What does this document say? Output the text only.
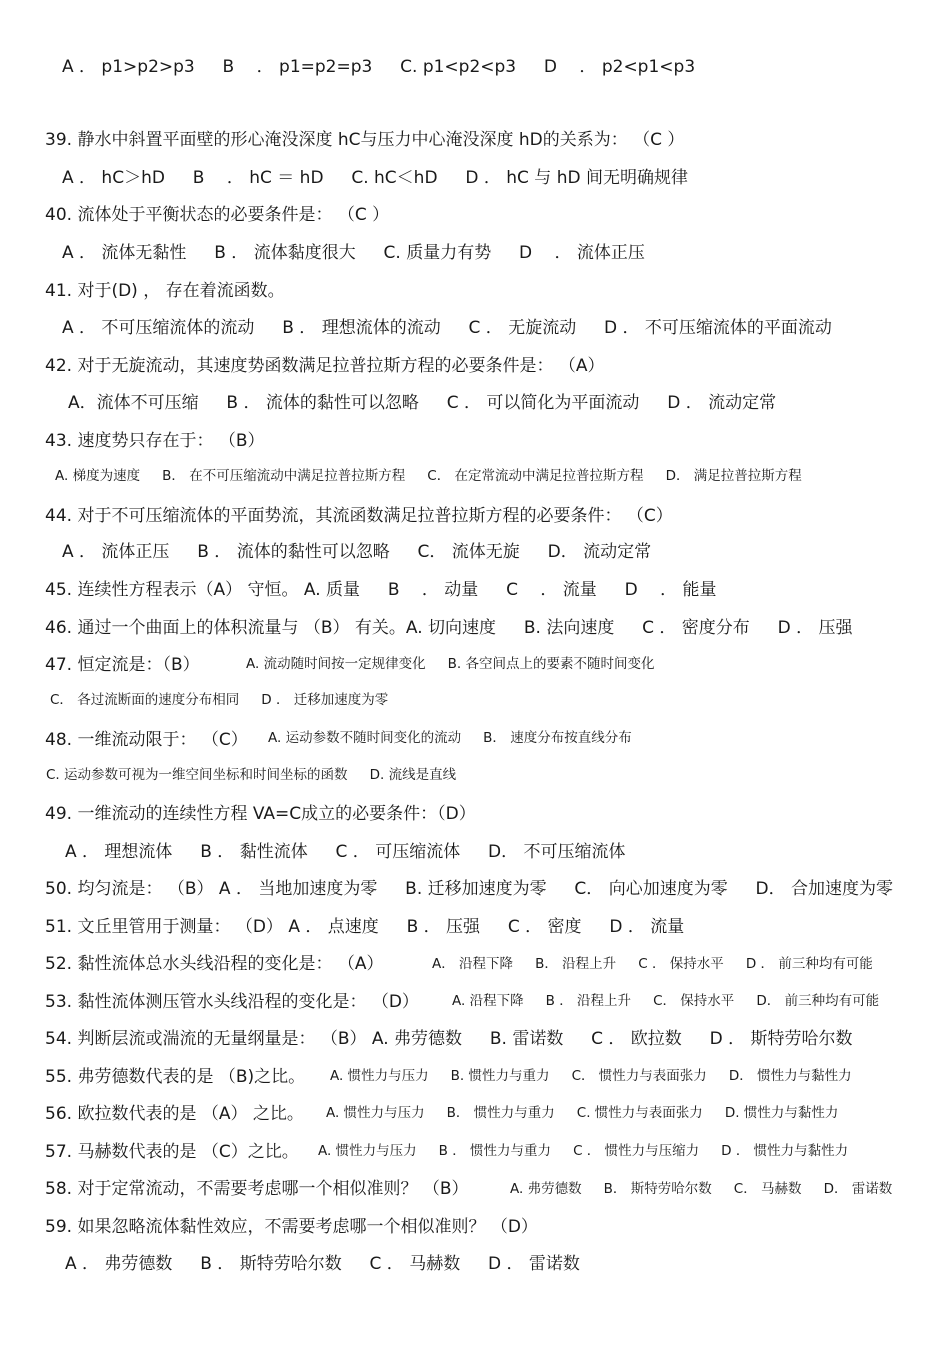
A ． p1>p2>p3 　 B 　． p1=p2=p3 　 C. p1<p2<p3 　 D 　． p2<p1<p3
39. 静水中斜置平面壁的形心淹没深度 hC与压力中心淹没深度 hD的关系为： （C ）
A ． hC＞hD 　 B 　． hC ＝ hD 　 C. hC＜hD 　 D ． hC 与 hD 间无明确规律
40. 流体处于平衡状态的必要条件是： （C ）
A ． 流体无黏性 　 B ． 流体黏度很大 　 C. 质量力有势 　 D 　． 流体正压
41. 对于(D) ， 存在着流函数。
A ． 不可压缩流体的流动 　 B ． 理想流体的流动 　 C ． 无旋流动 　 D ． 不可压缩流体的平面流动
42. 对于无旋流动，其速度势函数满足拉普拉斯方程的必要条件是： （A）
A．流体不可压缩 　 B ． 流体的黏性可以忽略 　 C ． 可以简化为平面流动 　 D ． 流动定常
43. 速度势只存在于： （B）
A. 梯度为速度 　 B． 在不可压缩流动中满足拉普拉斯方程 　 C． 在定常流动中满足拉普拉斯方程 　 D． 满足拉普拉斯方程
44. 对于不可压缩流体的平面势流，其流函数满足拉普拉斯方程的必要条件： （C）
A ． 流体正压 　 B ． 流体的黏性可以忽略 　 C． 流体无旋 　 D． 流动定常
45. 连续性方程表示（A） 守恒。 A. 质量 　 B 　． 动量 　 C 　． 流量 　 D 　． 能量
46. 通过一个曲面上的体积流量与 （B） 有关。A. 切向速度 　 B. 法向速度 　 C ． 密度分布 　 D ． 压强
47. 恒定流是：（B）	A. 流动随时间按一定规律变化 　 B. 各空间点上的要素不随时间变化
C． 各过流断面的速度分布相同 　 D ． 迁移加速度为零
48. 一维流动限于： （C） A. 运动参数不随时间变化的流动 　 B． 速度分布按直线分布
C. 运动参数可视为一维空间坐标和时间坐标的函数 　 D. 流线是直线
49. 一维流动的连续性方程 VA=C成立的必要条件：（D）
A ． 理想流体 　 B ． 黏性流体 　 C ． 可压缩流体 　 D． 不可压缩流体
50. 均匀流是： （B） A ． 当地加速度为零 　 B. 迁移加速度为零 　 C． 向心加速度为零 　 D． 合加速度为零
51. 文丘里管用于测量： （D） A ． 点速度 　 B ． 压强 　 C ． 密度 　 D ． 流量
52. 黏性流体总水头线沿程的变化是： （A）	A． 沿程下降 　 B． 沿程上升 　 C ． 保持水平 　 D ． 前三种均有可能
53. 黏性流体测压管水头线沿程的变化是： （D） A. 沿程下降 　 B ． 沿程上升 　 C． 保持水平 　 D． 前三种均有可能
54. 判断层流或湍流的无量纲量是： （B） A. 弗劳德数 　 B. 雷诺数 　 C ． 欧拉数 　 D ． 斯特劳哈尔数
55. 弗劳德数代表的是 （B)之比。 A. 惯性力与压力 　 B. 惯性力与重力 　 C． 惯性力与表面张力 　 D． 惯性力与黏性力
56. 欧拉数代表的是 （A） 之比。 A. 惯性力与压力 　 B． 惯性力与重力 　 C. 惯性力与表面张力 　 D. 惯性力与黏性力
57. 马赫数代表的是 （C）之比。 A. 惯性力与压力 　 B ． 惯性力与重力 　 C ． 惯性力与压缩力 　 D ． 惯性力与黏性力
58. 对于定常流动，不需要考虑哪一个相似准则？ （B）	A. 弗劳德数 　 B． 斯特劳哈尔数 　 C． 马赫数 　 D． 雷诺数
59. 如果忽略流体黏性效应，不需要考虑哪一个相似准则？ （D）
A ． 弗劳德数 　 B ． 斯特劳哈尔数 　 C ． 马赫数 　 D ． 雷诺数
